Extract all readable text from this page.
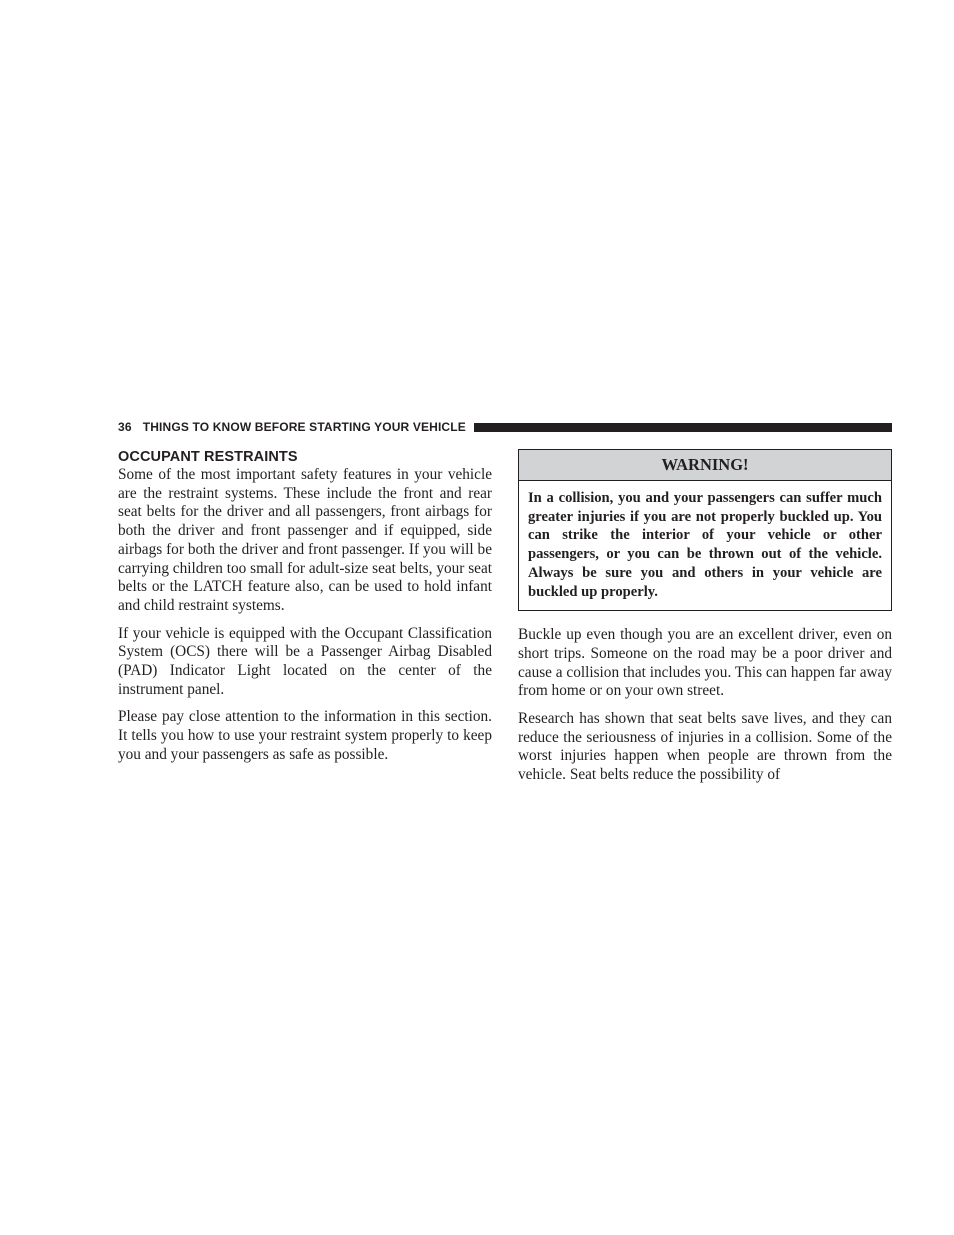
36 THINGS TO KNOW BEFORE STARTING YOUR VEHICLE
OCCUPANT RESTRAINTS

Some of the most important safety features in your vehicle are the restraint systems. These include the front and rear seat belts for the driver and all passengers, front airbags for both the driver and front passenger and if equipped, side airbags for both the driver and front passenger. If you will be carrying children too small for adult-size seat belts, your seat belts or the LATCH feature also, can be used to hold infant and child restraint systems.

If your vehicle is equipped with the Occupant Classification System (OCS) there will be a Passenger Airbag Disabled (PAD) Indicator Light located on the center of the instrument panel.

Please pay close attention to the information in this section. It tells you how to use your restraint system properly to keep you and your passengers as safe as possible.

WARNING!

In a collision, you and your passengers can suffer much greater injuries if you are not properly buckled up. You can strike the interior of your vehicle or other passengers, or you can be thrown out of the vehicle. Always be sure you and others in your vehicle are buckled up properly.

Buckle up even though you are an excellent driver, even on short trips. Someone on the road may be a poor driver and cause a collision that includes you. This can happen far away from home or on your own street.

Research has shown that seat belts save lives, and they can reduce the seriousness of injuries in a collision. Some of the worst injuries happen when people are thrown from the vehicle. Seat belts reduce the possibility of
